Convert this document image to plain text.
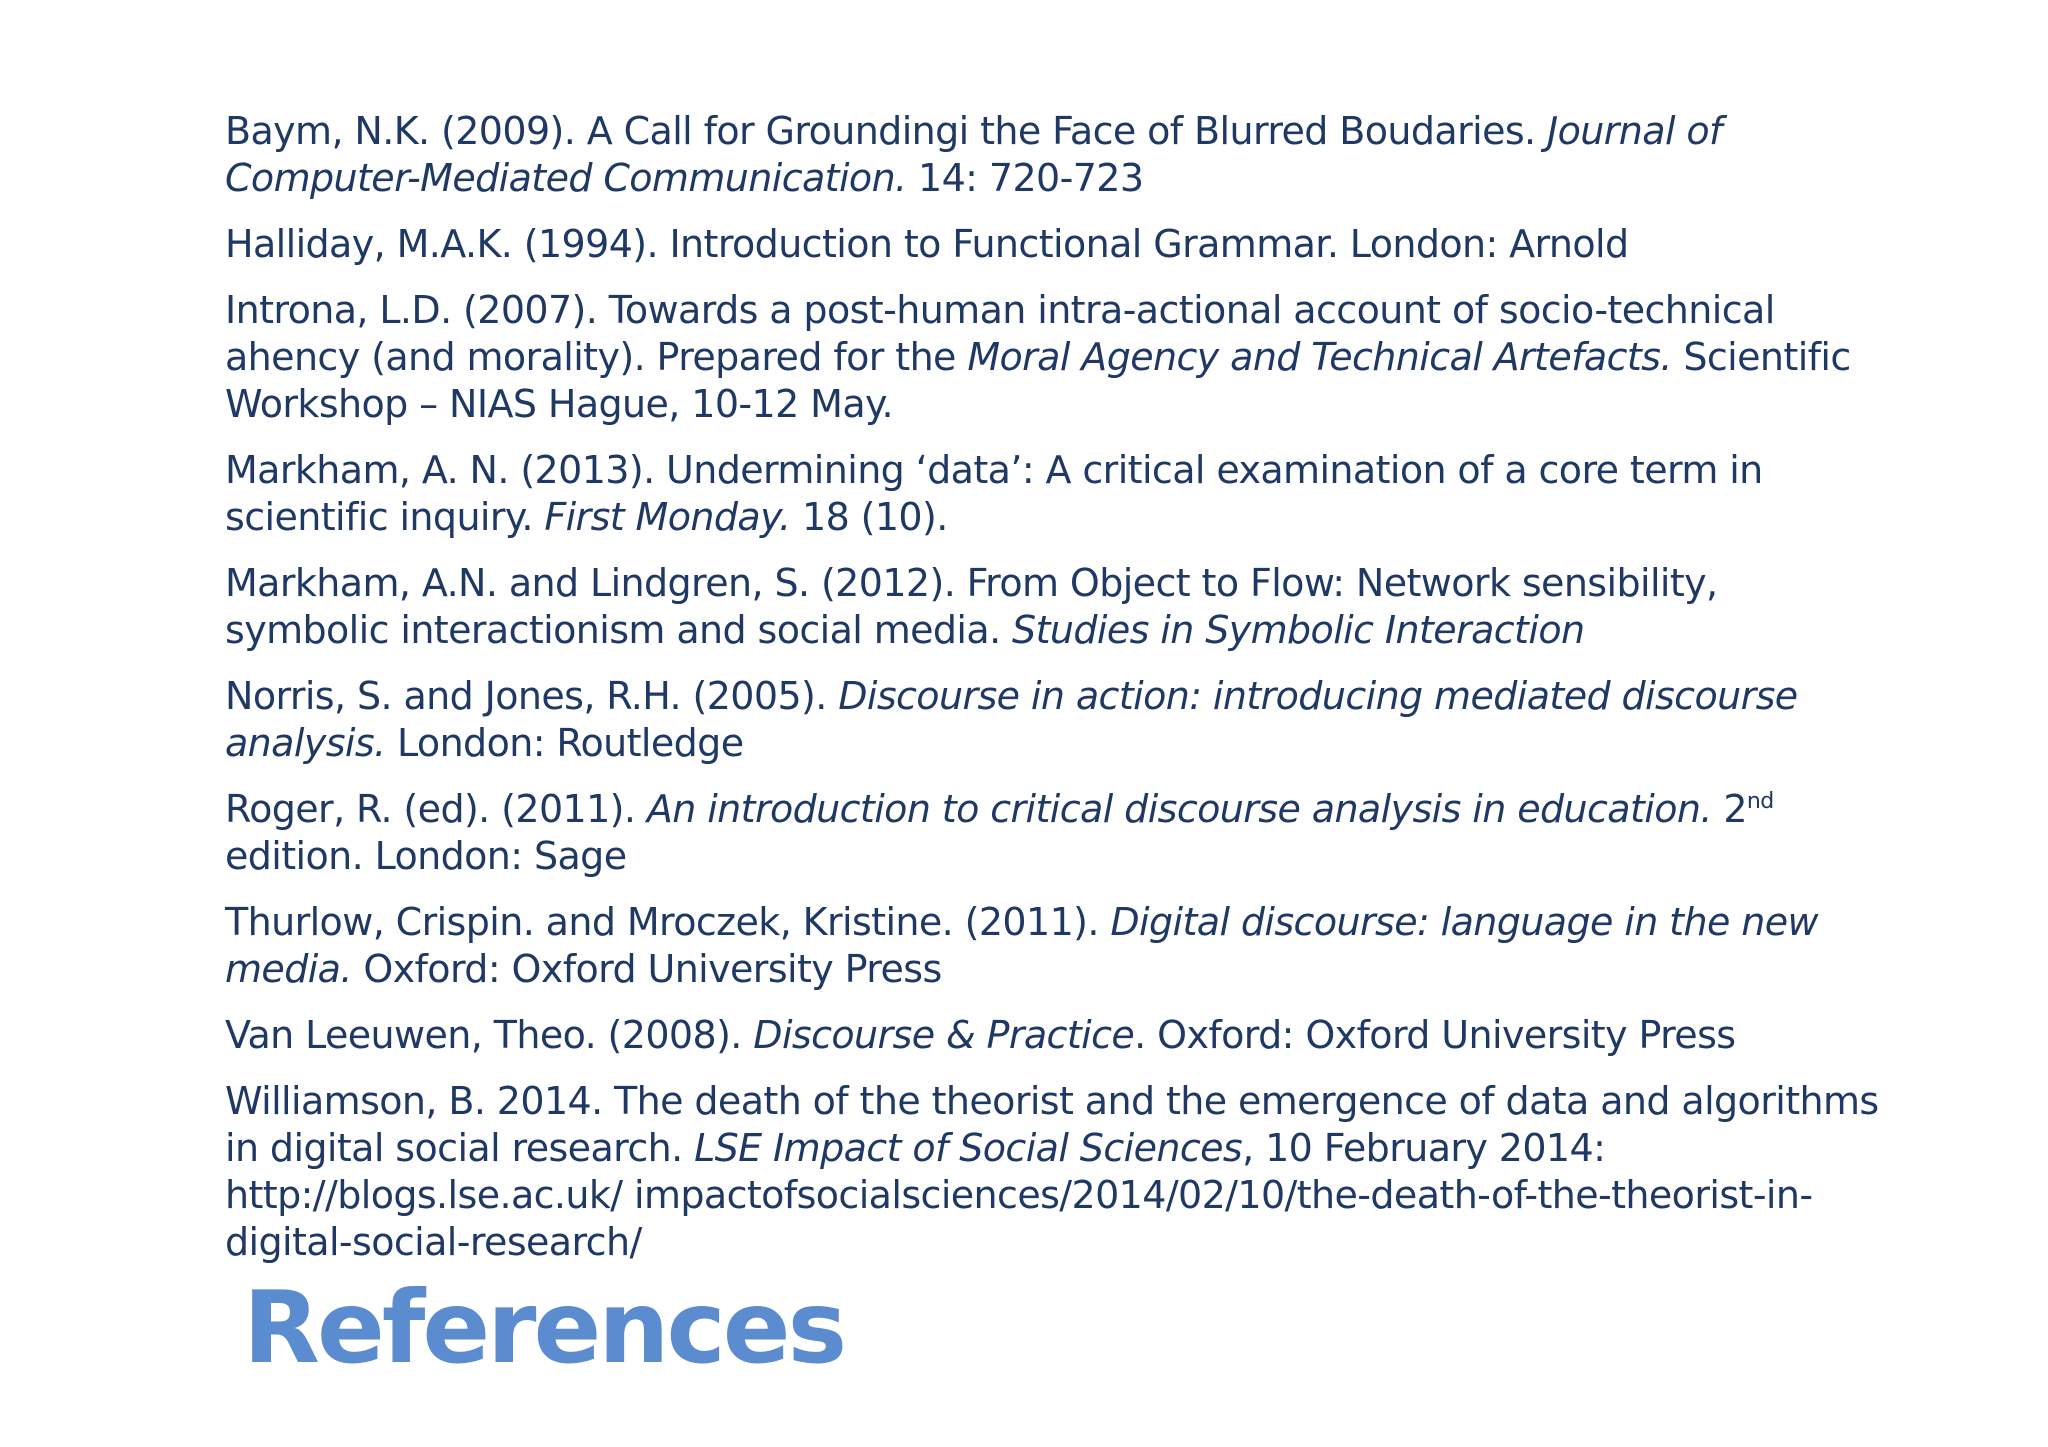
Baym, N.K. (2009). A Call for Groundingi the Face of Blurred Boudaries. Journal of Computer-Mediated Communication. 14: 720-723

Halliday, M.A.K. (1994). Introduction to Functional Grammar. London: Arnold

Introna, L.D. (2007). Towards a post-human intra-actional account of socio-technical ahency (and morality). Prepared for the Moral Agency and Technical Artefacts. Scientific Workshop – NIAS Hague, 10-12 May.

Markham, A. N. (2013). Undermining ‘data’: A critical examination of a core term in scientific inquiry. First Monday. 18 (10).

Markham, A.N. and Lindgren, S. (2012). From Object to Flow: Network sensibility, symbolic interactionism and social media. Studies in Symbolic Interaction

Norris, S. and Jones, R.H. (2005). Discourse in action: introducing mediated discourse analysis. London: Routledge

Roger, R. (ed). (2011). An introduction to critical discourse analysis in education. 2nd edition. London: Sage

Thurlow, Crispin. and Mroczek, Kristine. (2011). Digital discourse: language in the new media. Oxford: Oxford University Press

Van Leeuwen, Theo. (2008). Discourse & Practice. Oxford: Oxford University Press

Williamson, B. 2014. The death of the theorist and the emergence of data and algorithms in digital social research. LSE Impact of Social Sciences, 10 February 2014: http://blogs.lse.ac.uk/ impactofsocialsciences/2014/02/10/the-death-of-the-theorist-in-digital-social-research/

References
